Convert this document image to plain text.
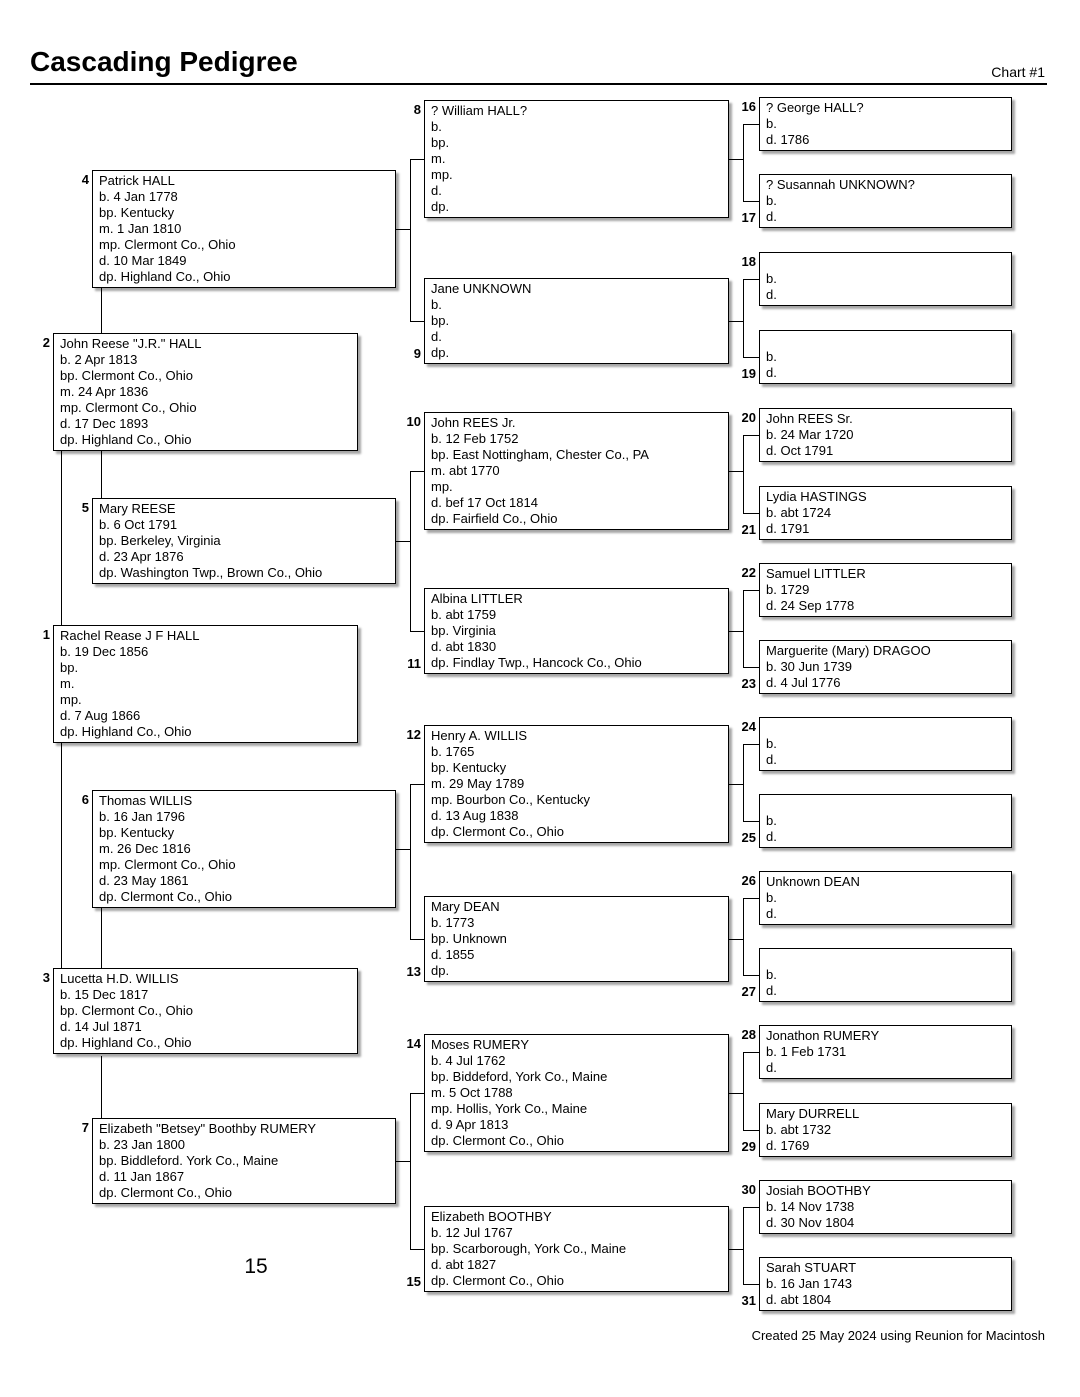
Cascading Pedigree	Chart #1
1
2
3
4
5
6
7
8
9
10
11
12
13
14
15
16
17
18
19
20
21
22
23
24
25
26
27
28
29
30
31
Rachel Rease J F HALL
b. 19 Dec 1856
bp.
m.
mp.
d. 7 Aug 1866
dp. Highland Co., Ohio
John Reese "J.R." HALL
b. 2 Apr 1813
bp. Clermont Co., Ohio
m. 24 Apr 1836
mp. Clermont Co., Ohio
d. 17 Dec 1893
dp. Highland Co., Ohio
Lucetta H.D. WILLIS
b. 15 Dec 1817
bp. Clermont Co., Ohio
d. 14 Jul 1871
dp. Highland Co., Ohio
Patrick HALL
b. 4 Jan 1778
bp. Kentucky
m. 1 Jan 1810
mp. Clermont Co., Ohio
d. 10 Mar 1849
dp. Highland Co., Ohio
Mary REESE
b. 6 Oct 1791
bp. Berkeley, Virginia
d. 23 Apr 1876
dp. Washington Twp., Brown Co., Ohio
Thomas WILLIS
b. 16 Jan 1796
bp. Kentucky
m. 26 Dec 1816
mp. Clermont Co., Ohio
d. 23 May 1861
dp. Clermont Co., Ohio
Elizabeth "Betsey" Boothby RUMERY
b. 23 Jan 1800
bp. Biddleford. York Co., Maine
d. 11 Jan 1867
dp. Clermont Co., Ohio
? William HALL?
b.
bp.
m.
mp.
d.
dp.
Jane UNKNOWN
b.
bp.
d.
dp.
John REES Jr.
b. 12 Feb 1752
bp. East Nottingham, Chester Co., PA
m. abt 1770
mp.
d. bef 17 Oct 1814
dp. Fairfield Co., Ohio
Albina LITTLER
b. abt 1759
bp. Virginia
d. abt 1830
dp. Findlay Twp., Hancock Co., Ohio
Henry A. WILLIS
b. 1765
bp. Kentucky
m. 29 May 1789
mp. Bourbon Co., Kentucky
d. 13 Aug 1838
dp. Clermont Co., Ohio
Mary DEAN
b. 1773
bp. Unknown
d. 1855
dp.
Moses RUMERY
b. 4 Jul 1762
bp. Biddeford, York Co., Maine
m. 5 Oct 1788
mp. Hollis, York Co., Maine
d. 9 Apr 1813
dp. Clermont Co., Ohio
Elizabeth BOOTHBY
b. 12 Jul 1767
bp. Scarborough, York Co., Maine
d. abt 1827
dp. Clermont Co., Ohio
? George HALL?
b.
d. 1786
? Susannah UNKNOWN?
b.
d.
b.
d.
b.
d.
John REES Sr.
b. 24 Mar 1720
d. Oct 1791
Lydia HASTINGS
b. abt 1724
d. 1791
Samuel LITTLER
b. 1729
d. 24 Sep 1778
Marguerite (Mary) DRAGOO
b. 30 Jun 1739
d. 4 Jul 1776
b.
d.
b.
d.
Unknown DEAN
b.
d.
b.
d.
Jonathon RUMERY
b. 1 Feb 1731
d.
Mary DURRELL
b. abt 1732
d. 1769
Josiah BOOTHBY
b. 14 Nov 1738
d. 30 Nov 1804
Sarah STUART
b. 16 Jan 1743
d. abt 1804
15
Created 25 May 2024 using Reunion for Macintosh
